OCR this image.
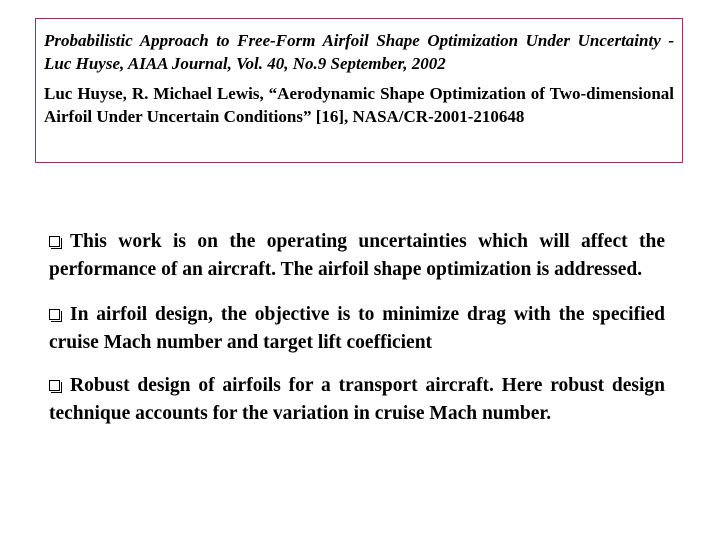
Probabilistic Approach to Free-Form Airfoil Shape Optimization Under Uncertainty - Luc Huyse, AIAA Journal, Vol. 40, No.9 September, 2002

Luc Huyse, R. Michael Lewis, “Aerodynamic Shape Optimization of Two-dimensional Airfoil Under Uncertain Conditions” [16], NASA/CR-2001-210648

This work is on the operating uncertainties which will affect the performance of an aircraft. The airfoil shape optimization is addressed.

In airfoil design, the objective is to minimize drag with the specified cruise Mach number and target lift coefficient

Robust design of airfoils for a transport aircraft. Here robust design technique accounts for the variation in cruise Mach number.
